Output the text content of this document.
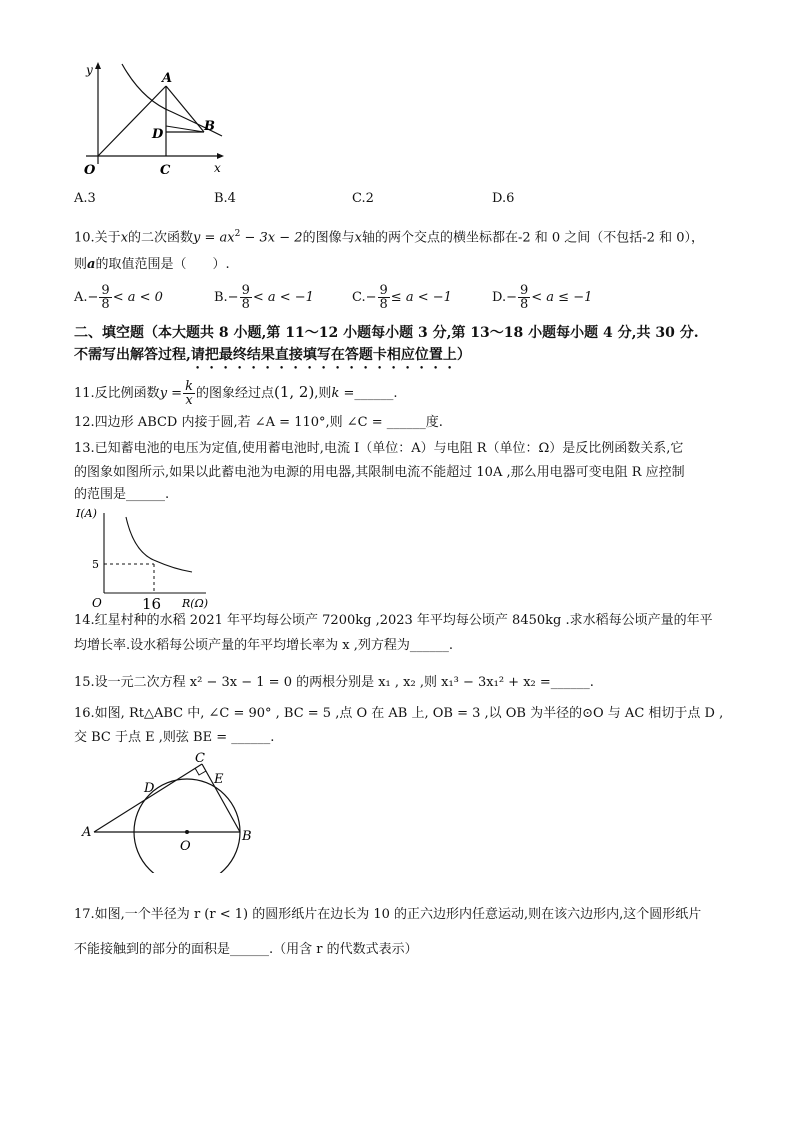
y
x
O
A
B
C
D
A.3	B.4	C.2	D.6
10.关于x的二次函数$y = ax^2 - 3x - 2$的图像与x轴的两个交点的横坐标都在-2 和 0 之间（不包括-2 和 0），
则a的取值范围是（　　）.
$A.- \frac{9}{8} < a < 0$	$B.- \frac{9}{8} < a < -1$	$C.- \frac{9}{8} \le a < -1$	$D.- \frac{9}{8} < a \le -1$
二、填空题（本大题共 8 小题,第 11～12 小题每小题 3 分,第 13～18 小题每小题 4 分,共 30 分.
不需写出解答过程,请把最终结果直接填写在答题卡相应位置上）
11.反比例函数$y = \frac{k}{x}$ 的图象经过点(1, 2),则k =______.
12.四边形 ABCD 内接于圆,若 ∠A = 110°,则 ∠C = ______度.
13.已知蓄电池的电压为定值,使用蓄电池时,电流 I（单位：A）与电阻 R（单位：Ω）是反比例函数关系,它
的图象如图所示,如果以此蓄电池为电源的用电器,其限制电流不能超过 10A ,那么用电器可变电阻 R 应控制
的范围是______.
I(A)
R(Ω)
O
5
16
14.红星村种的水稻 2021 年平均每公顷产 7200kg ,2023 年平均每公顷产 8450kg .求水稻每公顷产量的年平
均增长率.设水稻每公顷产量的年平均增长率为 x ,列方程为______.
15.设一元二次方程 x² − 3x − 1 = 0 的两根分别是 x₁ , x₂ ,则 x₁³ − 3x₁² + x₂ =______.
16.如图, Rt△ABC 中, ∠C = 90° , BC = 5 ,点 O 在 AB 上, OB = 3 ,以 OB 为半径的⊙O 与 AC 相切于点 D ,
交 BC 于点 E ,则弦 BE = ______.
A	B
C
D
E
O
17.如图,一个半径为 r (r < 1) 的圆形纸片在边长为 10 的正六边形内任意运动,则在该六边形内,这个圆形纸片
不能接触到的部分的面积是______.（用含 r 的代数式表示）
